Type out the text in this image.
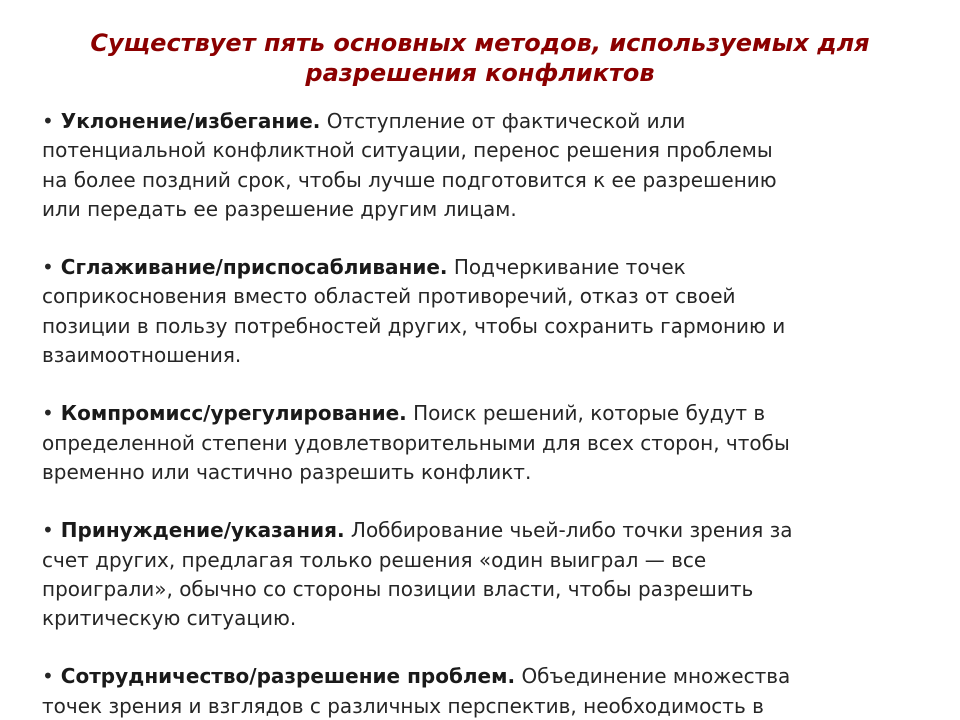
Существует пять основных методов, используемых для
разрешения конфликтов

• Уклонение/избегание. Отступление от фактической или
потенциальной конфликтной ситуации, перенос решения проблемы
на более поздний срок, чтобы лучше подготовится к ее разрешению
или передать ее разрешение другим лицам.

• Сглаживание/приспосабливание. Подчеркивание точек
соприкосновения вместо областей противоречий, отказ от своей
позиции в пользу потребностей других, чтобы сохранить гармонию и
взаимоотношения.

• Компромисс/урегулирование. Поиск решений, которые будут в
определенной степени удовлетворительными для всех сторон, чтобы
временно или частично разрешить конфликт.

• Принуждение/указания. Лоббирование чьей-либо точки зрения за
счет других, предлагая только решения «один выиграл — все
проиграли», обычно со стороны позиции власти, чтобы разрешить
критическую ситуацию.

• Сотрудничество/разрешение проблем. Объединение множества
точек зрения и взглядов с различных перспектив, необходимость в
